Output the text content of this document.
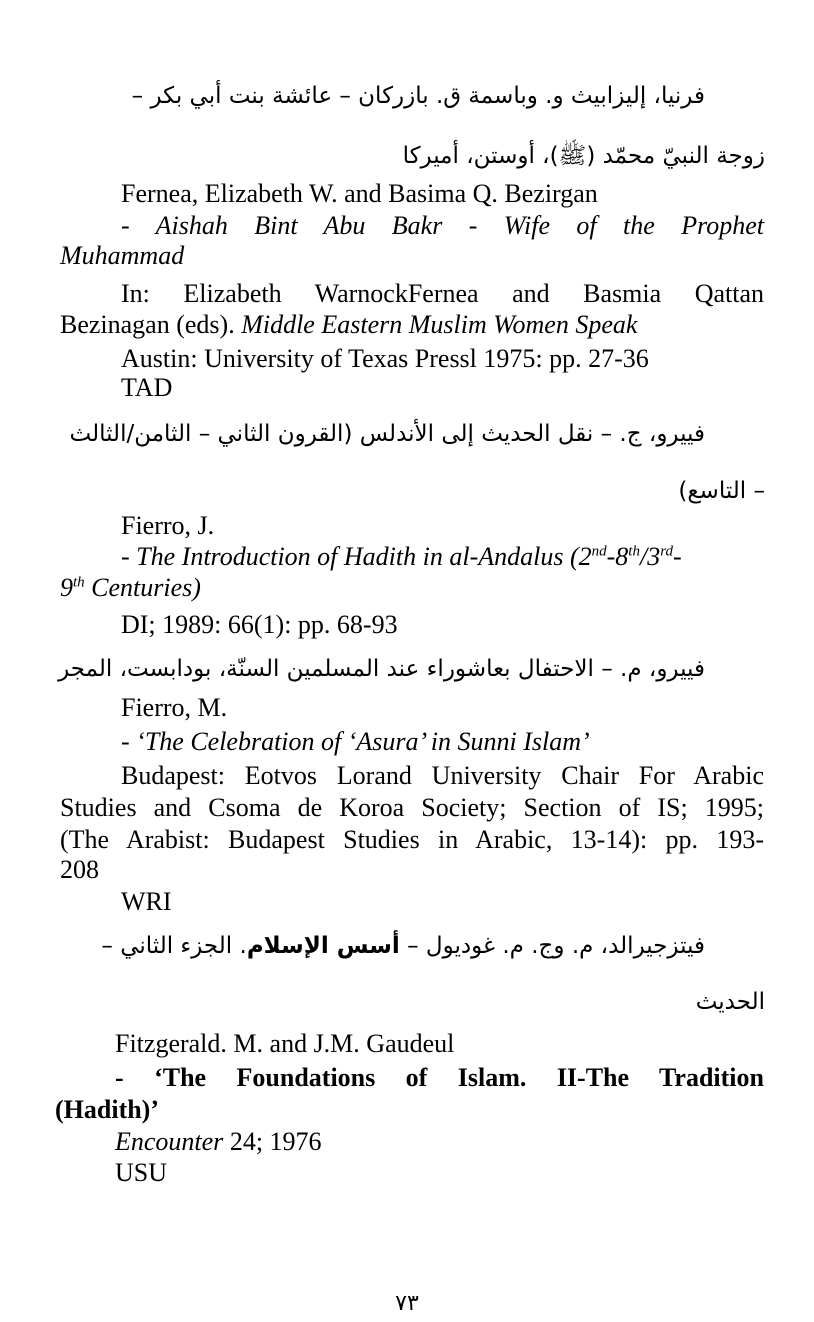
فرنيا، إليزابيث و. وباسمة ق. بازركان – عائشة بنت أبي بكر –
زوجة النبيّ محمّد (ﷺ)، أوستن، أميركا
Fernea, Elizabeth W. and Basima Q. Bezirgan
- Aishah Bint Abu Bakr - Wife of the Prophet
Muhammad
In: Elizabeth WarnockFernea and Basmia Qattan
Bezinagan (eds). Middle Eastern Muslim Women Speak
Austin: University of Texas Pressl 1975: pp. 27-36
TAD
فييرو، ج. – نقل الحديث إلى الأندلس (القرون الثاني – الثامن/الثالث
– التاسع)
Fierro, J.
- The Introduction of Hadith in al-Andalus (2nd-8th/3rd-
9th Centuries)
DI; 1989: 66(1): pp. 68-93
فييرو، م. – الاحتفال بعاشوراء عند المسلمين السنّة، بودابست، المجر
Fierro, M.
- ‘The Celebration of ‘Asura’ in Sunni Islam’
Budapest: Eotvos Lorand University Chair For Arabic
Studies and Csoma de Koroa Society; Section of IS; 1995;
(The Arabist: Budapest Studies in Arabic, 13-14): pp. 193-
208
WRI
فيتزجيرالد، م. وج. م. غوديول – أسس الإسلام. الجزء الثاني –
الحديث
Fitzgerald. M. and J.M. Gaudeul
- ‘The Foundations of Islam. II-The Tradition
(Hadith)’
Encounter 24; 1976
USU
٧٣
